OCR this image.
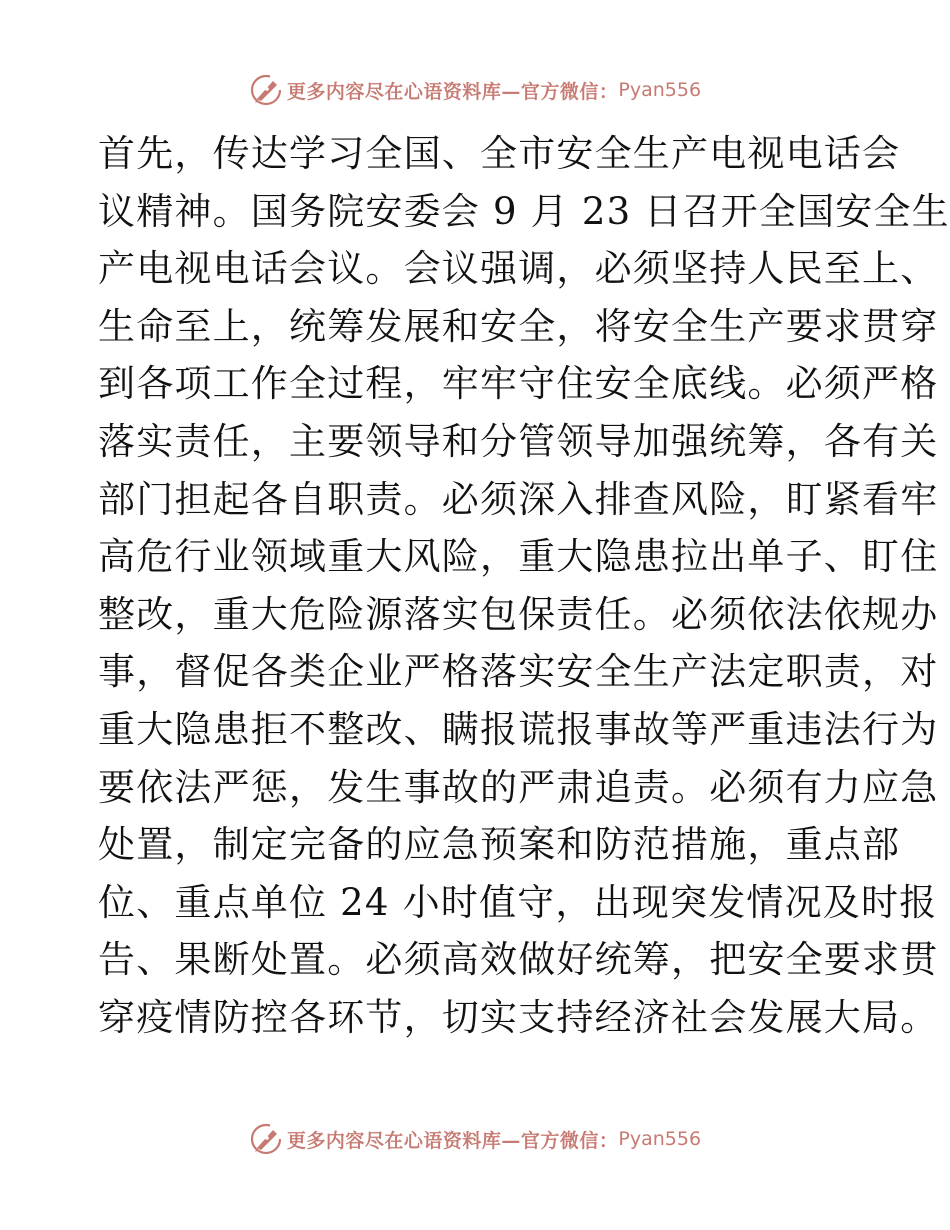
更多内容尽在心语资料库—官方微信： Pyan556
首先，传达学习全国、全市安全生产电视电话会
议精神。国务院安委会 9 月 23 日召开全国安全生
产电视电话会议。会议强调，必须坚持人民至上、
生命至上，统筹发展和安全，将安全生产要求贯穿
到各项工作全过程，牢牢守住安全底线。必须严格
落实责任，主要领导和分管领导加强统筹，各有关
部门担起各自职责。必须深入排查风险，盯紧看牢
高危行业领域重大风险，重大隐患拉出单子、盯住
整改，重大危险源落实包保责任。必须依法依规办
事，督促各类企业严格落实安全生产法定职责，对
重大隐患拒不整改、瞒报谎报事故等严重违法行为
要依法严惩，发生事故的严肃追责。必须有力应急
处置，制定完备的应急预案和防范措施，重点部
位、重点单位 24 小时值守，出现突发情况及时报
告、果断处置。必须高效做好统筹，把安全要求贯
穿疫情防控各环节，切实支持经济社会发展大局。
更多内容尽在心语资料库—官方微信： Pyan556
